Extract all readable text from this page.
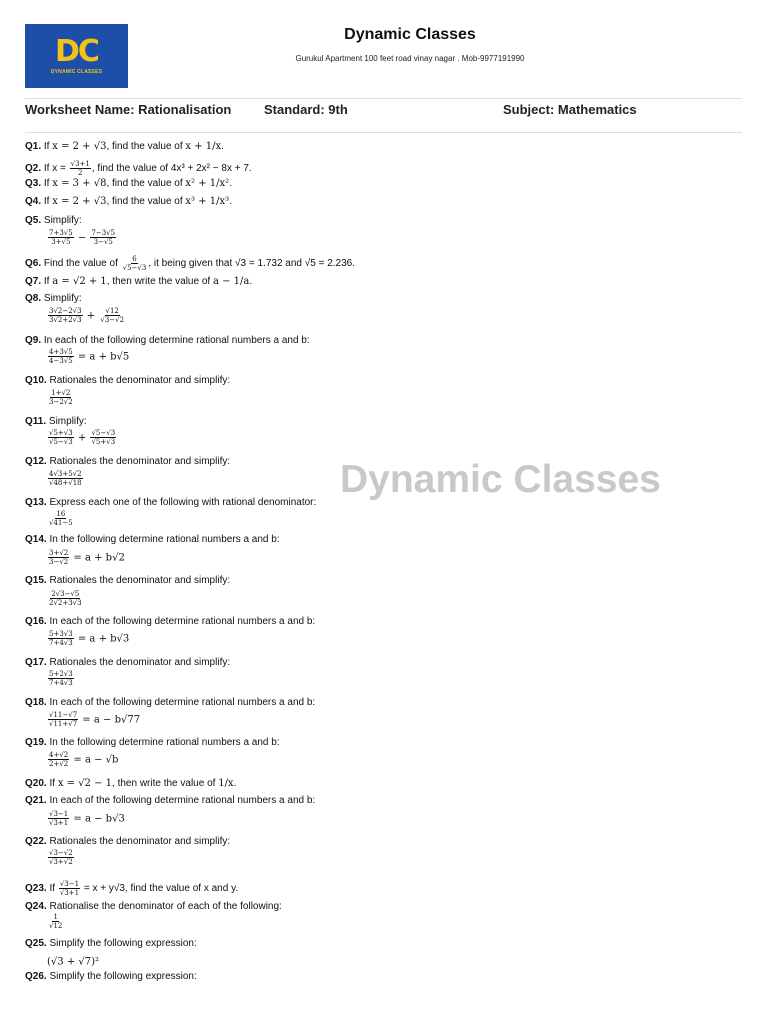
DC
DYNAMIC CLASSES
Dynamic Classes
Gurukul Apartment 100 feet road vinay nagar . Mob-9977191990
Worksheet Name: Rationalisation	Standard: 9th	Subject: Mathematics
Dynamic Classes
Q1. If x = 2 + √3, find the value of x + 1/x.
Q2. If $x = \frac{√3+1}{2}$ , find the value of 4x³ + 2x² − 8x + 7.
Q3. If x = 3 + √8, find the value of x² + 1/x².
Q4. If x = 2 + √3, find the value of x³ + 1/x³.
Q5. Simplify:
Q6. Find the value of $\frac{6}{√5-√3}$ , it being given that √3 = 1.732 and √5 = 2.236.
Q7. If a = √2 + 1, then write the value of a − 1/a.
Q8. Simplify:
Q9. In each of the following determine rational numbers a and b:
Q10. Rationales the denominator and simplify:
Q11. Simplify:
Q12. Rationales the denominator and simplify:
Q13. Express each one of the following with rational denominator:
Q14. In the following determine rational numbers a and b:
Q15. Rationales the denominator and simplify:
Q16. In each of the following determine rational numbers a and b:
Q17. Rationales the denominator and simplify:
Q18. In each of the following determine rational numbers a and b:
Q19. In the following determine rational numbers a and b:
Q20. If x = √2 − 1, then write the value of 1/x.
Q21. In each of the following determine rational numbers a and b:
Q22. Rationales the denominator and simplify:
Q23. If $\frac{√3-1}{√3+1} = x + y√3$, find the value of x and y.
Q24. Rationalise the denominator of each of the following:
Q25. Simplify the following expression:
Q26. Simplify the following expression:
$\frac{7+3√5}{3+√5} - \frac{7-3√5}{3-√5}$
$\frac{3√2-2√3}{3√2+2√3} + \frac{√12}{√3-√2}$
$\frac{4+3√5}{4-3√5} = a + b√5$
$\frac{1+√2}{3-2√2}$
$\frac{√5+√3}{√5-√3} + \frac{√5-√3}{√5+√3}$
$\frac{4√3+5√2}{√48+√18}$
$\frac{16}{√41-5}$
$\frac{3+√2}{3-√2} = a + b√2$
$\frac{2√3-√5}{2√2+3√3}$
$\frac{5+3√3}{7+4√3} = a + b√3$
$\frac{5+2√3}{7+4√3}$
$\frac{√11-√7}{√11+√7} = a - b√77$
$\frac{4+√2}{2+√2} = a - √b$
$\frac{√3-1}{√3+1} = a - b√3$
$\frac{√3-√2}{√3+√2}$
$\frac{1}{√12}$
(√3 + √7)²
